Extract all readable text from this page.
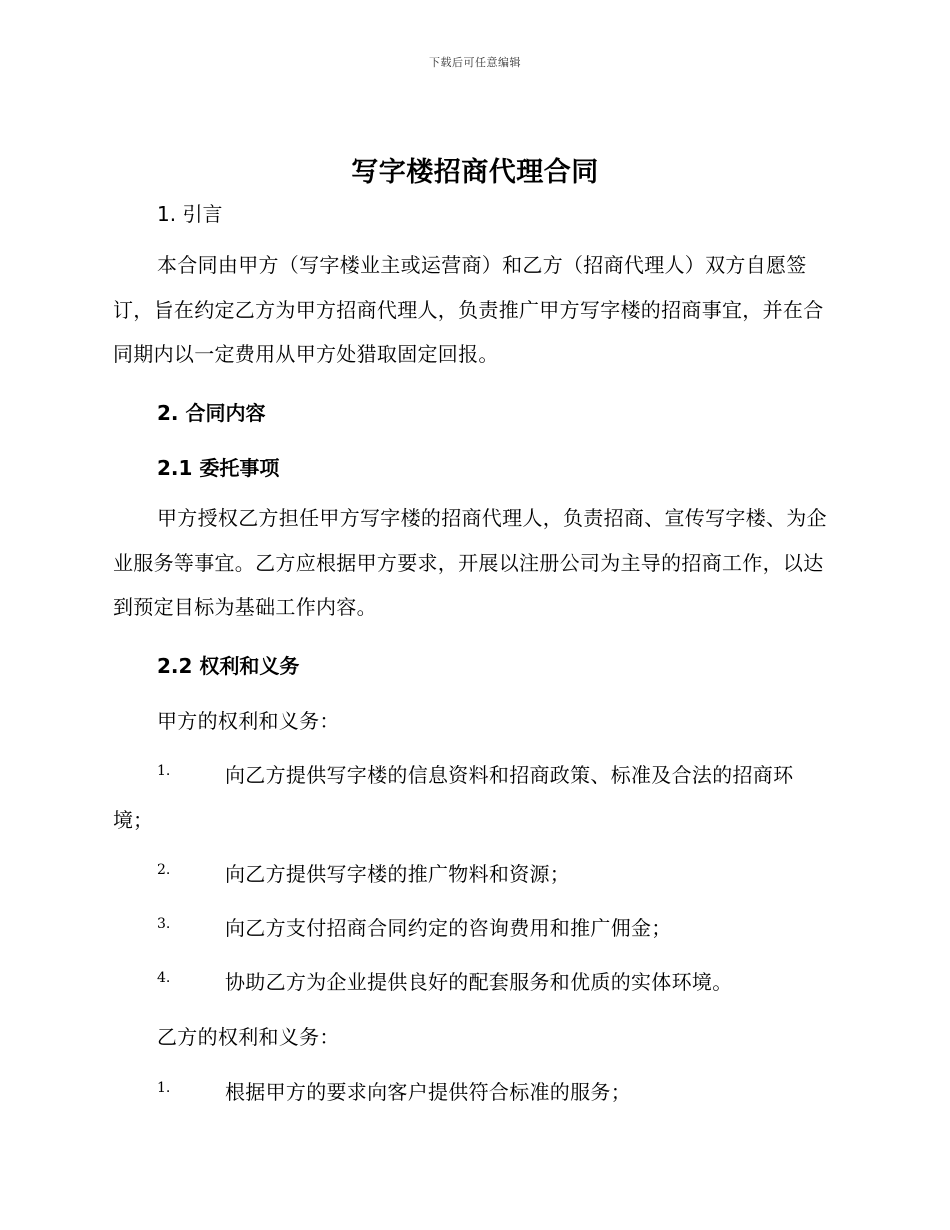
下载后可任意编辑
写字楼招商代理合同
1. 引言
本合同由甲方（写字楼业主或运营商）和乙方（招商代理人）双方自愿签订，旨在约定乙方为甲方招商代理人，负责推广甲方写字楼的招商事宜，并在合同期内以一定费用从甲方处猎取固定回报。
2. 合同内容
2.1 委托事项
甲方授权乙方担任甲方写字楼的招商代理人，负责招商、宣传写字楼、为企业服务等事宜。乙方应根据甲方要求，开展以注册公司为主导的招商工作，以达到预定目标为基础工作内容。
2.2 权利和义务
甲方的权利和义务：
1.	向乙方提供写字楼的信息资料和招商政策、标准及合法的招商环
境；
2.	向乙方提供写字楼的推广物料和资源；
3.	向乙方支付招商合同约定的咨询费用和推广佣金；
4.	协助乙方为企业提供良好的配套服务和优质的实体环境。
乙方的权利和义务：
1.	根据甲方的要求向客户提供符合标准的服务；
